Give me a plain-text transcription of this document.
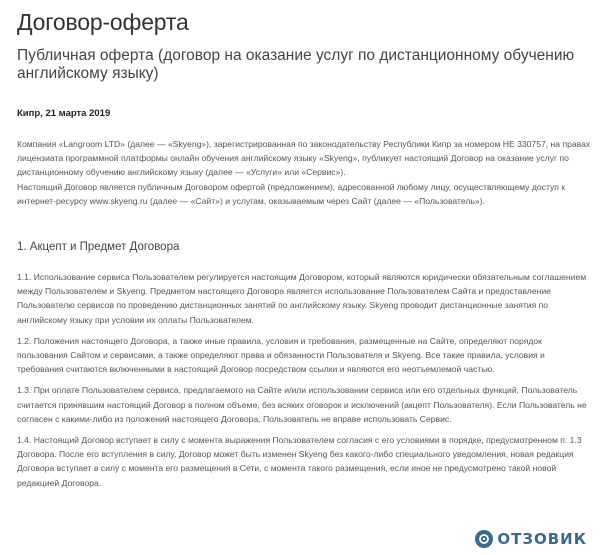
Договор-оферта
Публичная оферта (договор на оказание услуг по дистанционному обучению английскому языку)
Кипр, 21 марта 2019

Компания «Langroom LTD» (далее — «Skyeng»), зарегистрированная по законодательству Республики Кипр за номером HE 330757, на правах лицензиата программной платформы онлайн обучения английскому языку «Skyeng», публикует настоящий Договор на оказание услуг по дистанционному обучению английскому языку (далее — «Услуги» или «Сервис»).

Настоящий Договор является публичным Договором офертой (предложением), адресованной любому лицу, осуществляющему доступ к интернет-ресурсу www.skyeng.ru (далее — «Сайт») и услугам, оказываемым через Сайт (далее — «Пользователь»).

1. Акцепт и Предмет Договора

1.1. Использование сервиса Пользователем регулируется настоящим Договором, который являются юридически обязательным соглашением между Пользователем и Skyeng. Предметом настоящего Договора является использование Пользователем Сайта и предоставление Пользователю сервисов по проведению дистанционных занятий по английскому языку. Skyeng проводит дистанционные занятия по английскому языку при условии их оплаты Пользователем.

1.2. Положения настоящего Договора, а также иные правила, условия и требования, размещенные на Сайте, определяют порядок пользования Сайтом и сервисами, а также определяют права и обязанности Пользователя и Skyeng. Все такие правила, условия и требования считаются включенными в настоящий Договор посредством ссылки и являются его неотъемлемой частью.

1.3. При оплате Пользователем сервиса, предлагаемого на Сайте и/или использовании сервиса или его отдельных функций, Пользователь считается принявшим настоящий Договор в полном объеме, без всяких оговорок и исключений (акцепт Пользователя). Если Пользователь не согласен с какими-либо из положений настоящего Договора, Пользователь не вправе использовать Сервис.

1.4. Настоящий Договор вступает в силу с момента выражения Пользователем согласия с его условиями в порядке, предусмотренном п. 1.3 Договора. После его вступления в силу, Договор может быть изменен Skyeng без какого-либо специального уведомления, новая редакция Договора вступает в силу с момента его размещения в Сети, с момента такого размещения, если иное не предусмотрено такой новой редакцией Договора.

ОТЗОВИК
